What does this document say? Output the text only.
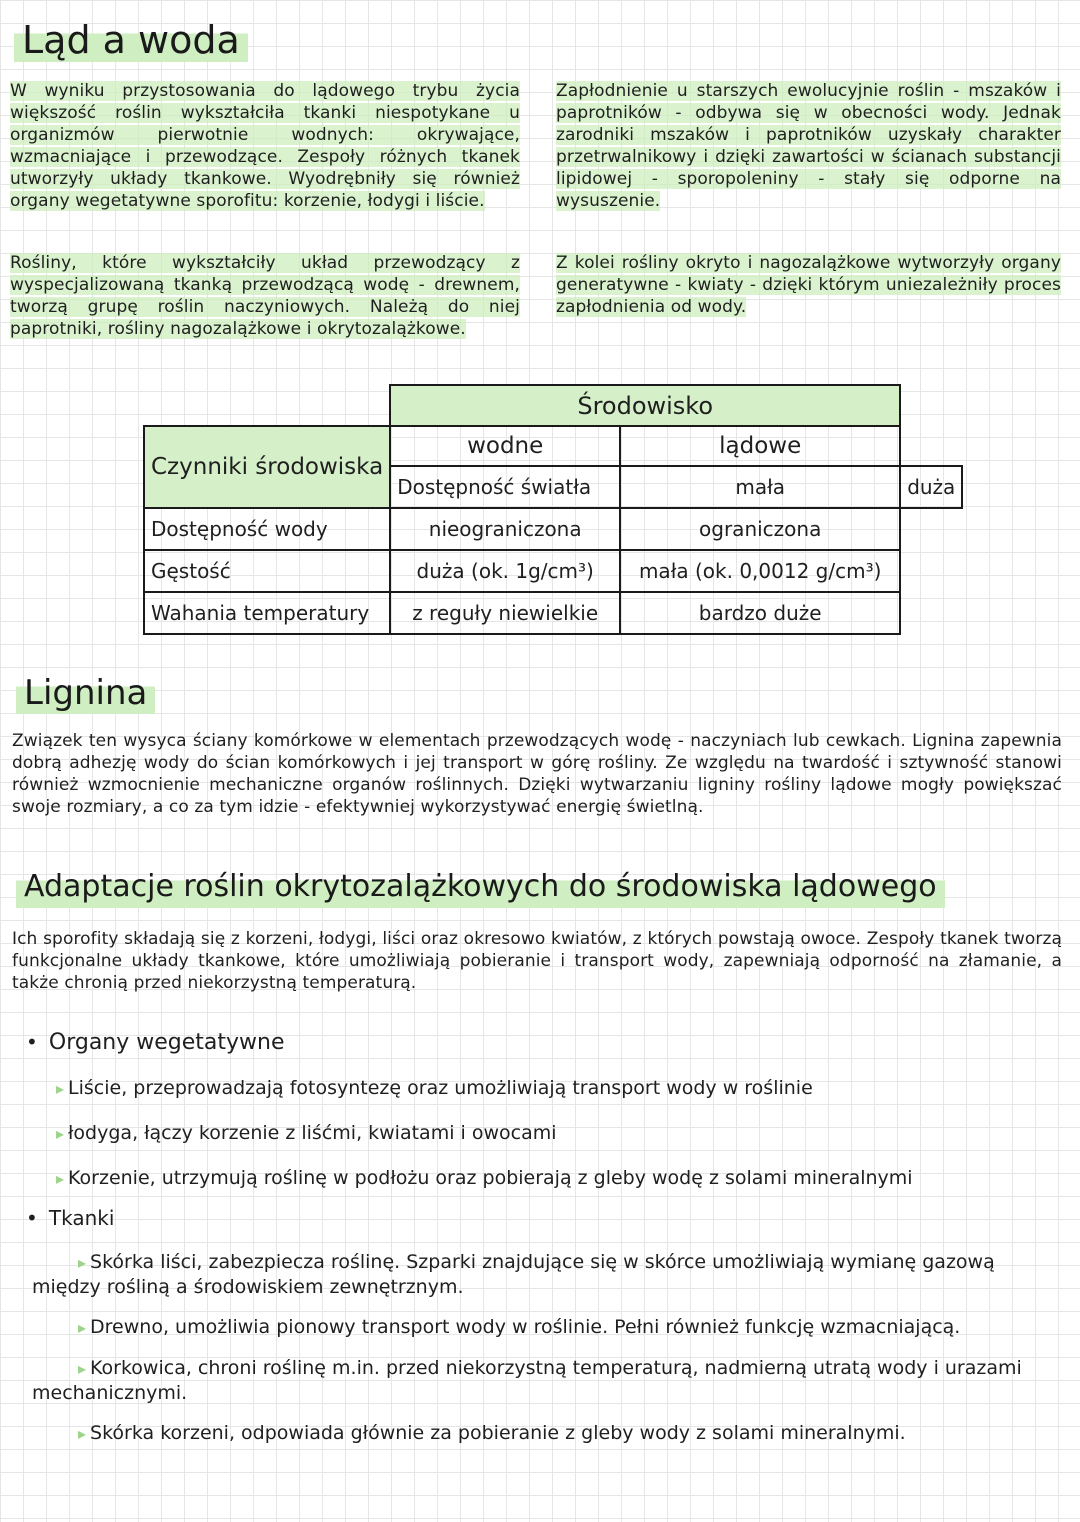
Ląd a woda
W wyniku przystosowania do lądowego trybu życia większość roślin wykształciła tkanki niespotykane u organizmów pierwotnie wodnych: okrywające, wzmacniające i przewodzące. Zespoły różnych tkanek utworzyły układy tkankowe. Wyodrębniły się również organy wegetatywne sporofitu: korzenie, łodygi i liście.
Rośliny, które wykształciły układ przewodzący z wyspecjalizowaną tkanką przewodzącą wodę - drewnem, tworzą grupę roślin naczyniowych. Należą do niej paprotniki, rośliny nagozalążkowe i okrytozalążkowe.
Zapłodnienie u starszych ewolucyjnie roślin - mszaków i paprotników - odbywa się w obecności wody. Jednak zarodniki mszaków i paprotników uzyskały charakter przetrwalnikowy i dzięki zawartości w ścianach substancji lipidowej - sporopoleniny - stały się odporne na wysuszenie.
Z kolei rośliny okryto i nagozalążkowe wytworzyły organy generatywne - kwiaty - dzięki którym uniezależniły proces zapłodnienia od wody.
	Środowisko		
Czynniki środowiska	wodne	lądowe	
	Dostępność światła	mała	duża
Dostępność wody	nieograniczona	ograniczona	
Gęstość	duża (ok. 1g/cm³)	mała (ok. 0,0012 g/cm³)	
Wahania temperatury	z reguły niewielkie	bardzo duże	
Lignina
Związek ten wysyca ściany komórkowe w elementach przewodzących wodę - naczyniach lub cewkach. Lignina zapewnia dobrą adhezję wody do ścian komórkowych i jej transport w górę rośliny. Ze względu na twardość i sztywność stanowi również wzmocnienie mechaniczne organów roślinnych. Dzięki wytwarzaniu ligniny rośliny lądowe mogły powiększać swoje rozmiary, a co za tym idzie - efektywniej wykorzystywać energię świetlną.
Adaptacje roślin okrytozalążkowych do środowiska lądowego
Ich sporofity składają się z korzeni, łodygi, liści oraz okresowo kwiatów, z których powstają owoce. Zespoły tkanek tworzą funkcjonalne układy tkankowe, które umożliwiają pobieranie i transport wody, zapewniają odporność na złamanie, a także chronią przed niekorzystną temperaturą.
• Organy wegetatywne
▸ Liście, przeprowadzają fotosyntezę oraz umożliwiają transport wody w roślinie
▸ łodyga, łączy korzenie z liśćmi, kwiatami i owocami
▸ Korzenie, utrzymują roślinę w podłożu oraz pobierają z gleby wodę z solami mineralnymi
• Tkanki
▸ Skórka liści, zabezpiecza roślinę. Szparki znajdujące się w skórce umożliwiają wymianę gazową między rośliną a środowiskiem zewnętrznym.
▸ Drewno, umożliwia pionowy transport wody w roślinie. Pełni również funkcję wzmacniającą.
▸ Korkowica, chroni roślinę m.in. przed niekorzystną temperaturą, nadmierną utratą wody i urazami mechanicznymi.
▸ Skórka korzeni, odpowiada głównie za pobieranie z gleby wody z solami mineralnymi.
